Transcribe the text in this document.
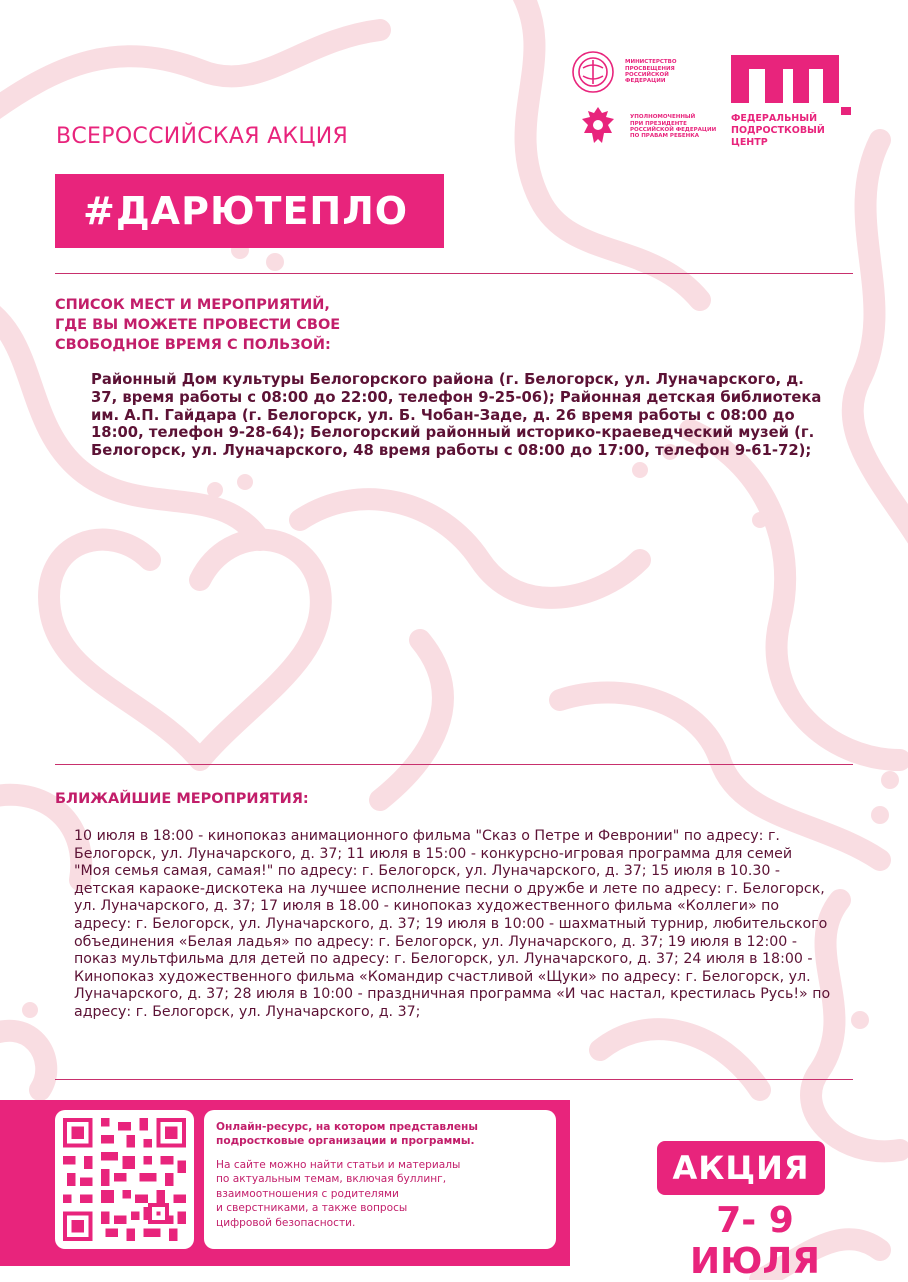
МИНИСТЕРСТВО
ПРОСВЕЩЕНИЯ
РОССИЙСКОЙ
ФЕДЕРАЦИИ
УПОЛНОМОЧЕННЫЙ
ПРИ ПРЕЗИДЕНТЕ
РОССИЙСКОЙ ФЕДЕРАЦИИ
ПО ПРАВАМ РЕБЕНКА
ФЕДЕРАЛЬНЫЙ
ПОДРОСТКОВЫЙ
ЦЕНТР
ВСЕРОССИЙСКАЯ АКЦИЯ
#ДАРЮТЕПЛО
СПИСОК МЕСТ И МЕРОПРИЯТИЙ,
ГДЕ ВЫ МОЖЕТЕ ПРОВЕСТИ СВОЕ
СВОБОДНОЕ ВРЕМЯ С ПОЛЬЗОЙ:
Районный Дом культуры Белогорского района (г. Белогорск, ул. Луначарского, д. 37, время работы с 08:00 до 22:00, телефон 9-25-06); Районная детская библиотека им. А.П. Гайдара (г. Белогорск, ул. Б. Чобан-Заде, д. 26 время работы с 08:00 до 18:00, телефон 9-28-64); Белогорский районный историко-краеведческий музей (г. Белогорск, ул. Луначарского, 48 время работы с 08:00 до 17:00, телефон 9-61-72);
БЛИЖАЙШИЕ МЕРОПРИЯТИЯ:
10 июля в 18:00 - кинопоказ анимационного фильма "Сказ о Петре и Февронии" по адресу: г. Белогорск, ул. Луначарского, д. 37; 11 июля в 15:00 - конкурсно-игровая программа для семей "Моя семья самая, самая!" по адресу: г. Белогорск, ул. Луначарского, д. 37; 15 июля в 10.30 - детская караоке-дискотека на лучшее исполнение песни о дружбе и лете по адресу: г. Белогорск, ул. Луначарского, д. 37; 17 июля в 18.00 - кинопоказ художественного фильма «Коллеги» по адресу: г. Белогорск, ул. Луначарского, д. 37; 19 июля в 10:00 - шахматный турнир, любительского объединения «Белая ладья» по адресу: г. Белогорск, ул. Луначарского, д. 37; 19 июля в 12:00 - показ мультфильма для детей по адресу: г. Белогорск, ул. Луначарского, д. 37; 24 июля в 18:00 - Кинопоказ художественного фильма «Командир счастливой «Щуки» по адресу: г. Белогорск, ул. Луначарского, д. 37; 28 июля в 10:00 - праздничная программа «И час настал, крестилась Русь!» по адресу: г. Белогорск, ул. Луначарского, д. 37;
Онлайн-ресурс, на котором представлены подростковые организации и программы.
На сайте можно найти статьи и материалы
по актуальным темам, включая буллинг,
взаимоотношения с родителями
и сверстниками, а также вопросы
цифровой безопасности.
АКЦИЯ
7- 9 ИЮЛЯ
